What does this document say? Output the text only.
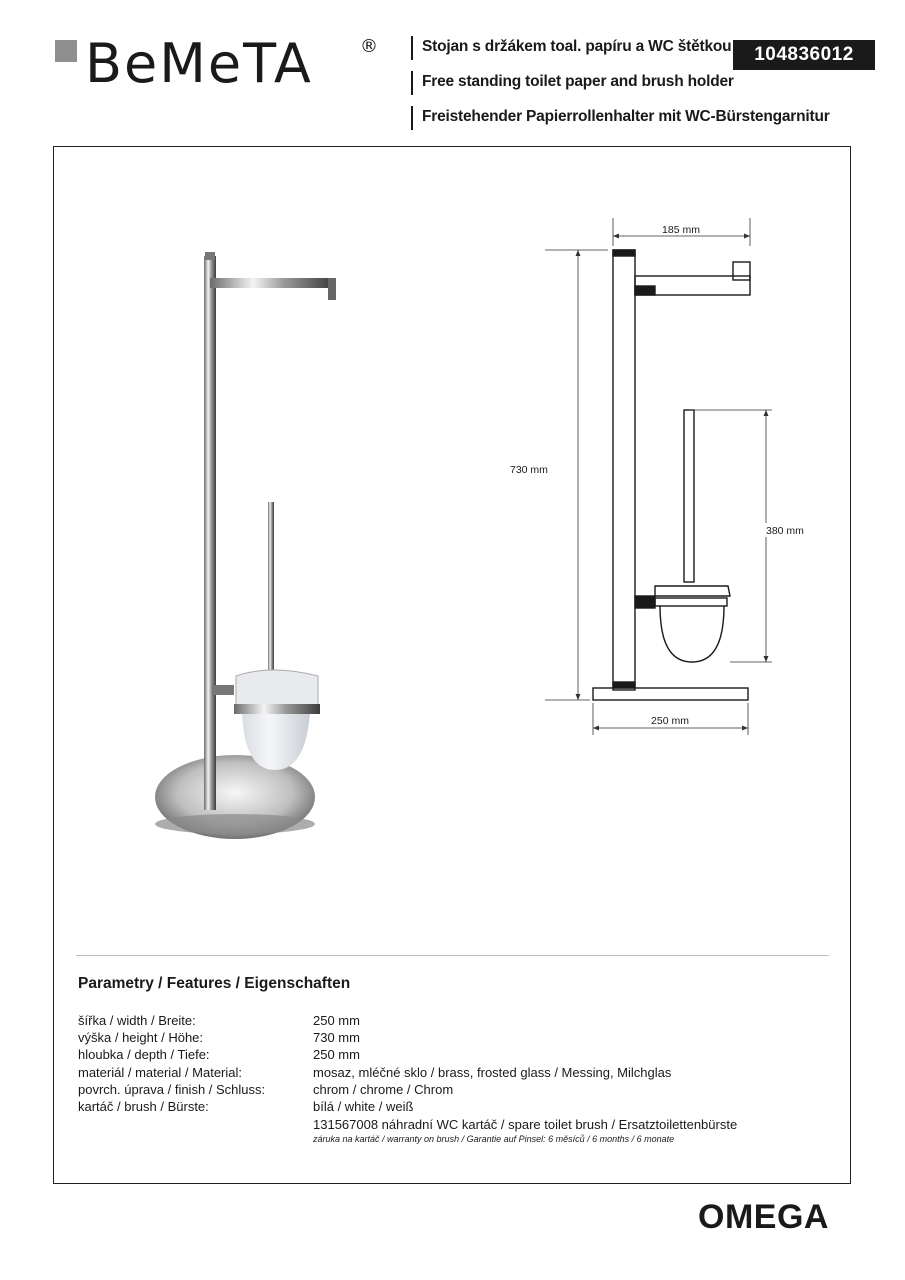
BeMeTA	®	Stojan s držákem toal. papíru a WC štětkou
Free standing toilet paper and brush holder
Freistehender Papierrollenhalter mit WC-Bürstengarnitur
104836012
185 mm
730 mm
380 mm
250 mm
Parametry / Features / Eigenschaften
šířka / width / Breite:	250 mm
výška / height / Höhe:	730 mm
hloubka / depth / Tiefe:	250 mm
materiál / material / Material:	mosaz, mléčné sklo / brass, frosted glass / Messing, Milchglas
povrch. úprava / finish / Schluss:	chrom / chrome / Chrom
kartáč / brush / Bürste:	bílá / white / weiß
131567008 náhradní WC kartáč / spare toilet brush / Ersatztoilettenbürste
záruka na kartáč / warranty on brush / Garantie auf Pinsel: 6 měsíců / 6 months / 6 monate
OMEGA
